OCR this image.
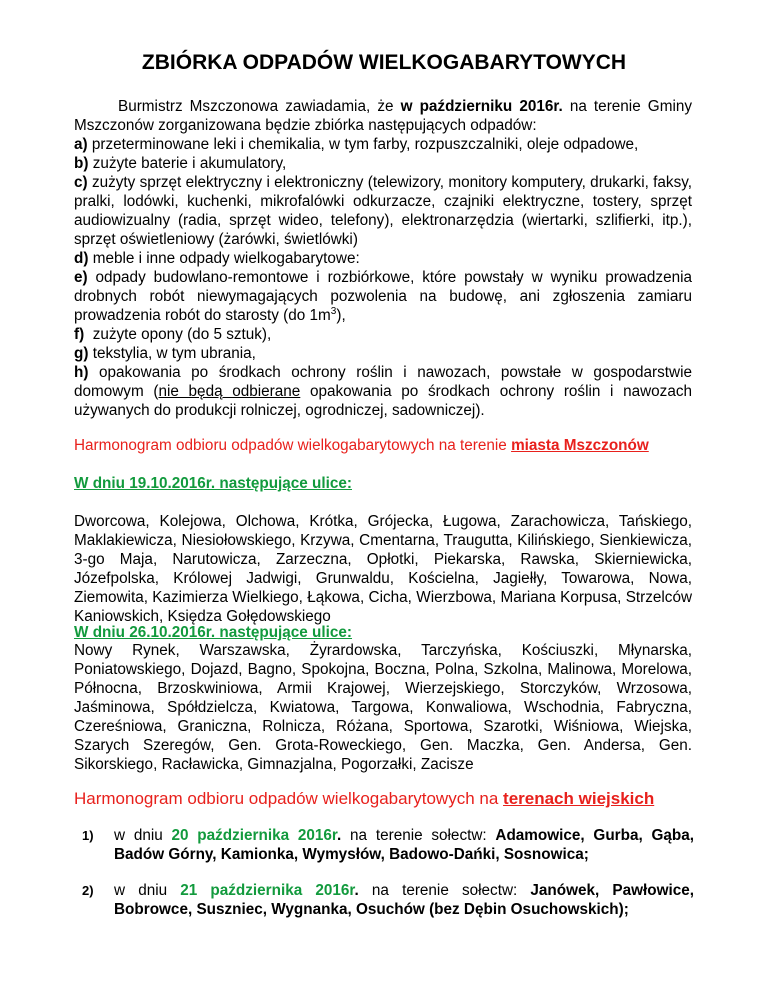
ZBIÓRKA ODPADÓW WIELKOGABARYTOWYCH
Burmistrz Mszczonowa zawiadamia, że w październiku 2016r. na terenie Gminy Mszczonów zorganizowana będzie zbiórka następujących odpadów:
a) przeterminowane leki i chemikalia, w tym farby, rozpuszczalniki, oleje odpadowe,
b) zużyte baterie i akumulatory,
c) zużyty sprzęt elektryczny i elektroniczny (telewizory, monitory komputery, drukarki, faksy, pralki, lodówki, kuchenki, mikrofalówki odkurzacze, czajniki elektryczne, tostery, sprzęt audiowizualny (radia, sprzęt wideo, telefony), elektronarzędzia (wiertarki, szlifierki, itp.), sprzęt oświetleniowy (żarówki, świetlówki)
d) meble i inne odpady wielkogabarytowe:
e) odpady budowlano-remontowe i rozbiórkowe, które powstały w wyniku prowadzenia drobnych robót niewymagających pozwolenia na budowę, ani zgłoszenia zamiaru prowadzenia robót do starosty (do $1m^3$),
f)  zużyte opony (do 5 sztuk),
g) tekstylia, w tym ubrania,
h) opakowania po środkach ochrony roślin i nawozach, powstałe w gospodarstwie domowym (nie będą odbierane opakowania po środkach ochrony roślin i nawozach używanych do produkcji rolniczej, ogrodniczej, sadowniczej).
Harmonogram odbioru odpadów wielkogabarytowych na terenie miasta Mszczonów
W dniu 19.10.2016r. następujące ulice:
Dworcowa, Kolejowa, Olchowa, Krótka, Grójecka, Ługowa, Zarachowicza, Tańskiego, Maklakiewicza, Niesiołowskiego, Krzywa, Cmentarna, Traugutta, Kilińskiego, Sienkiewicza, 3-go Maja, Narutowicza, Zarzeczna, Opłotki, Piekarska, Rawska, Skierniewicka, Józefpolska, Królowej Jadwigi, Grunwaldu, Kościelna, Jagiełły, Towarowa, Nowa, Ziemowita, Kazimierza Wielkiego, Łąkowa, Cicha, Wierzbowa, Mariana Korpusa, Strzelców Kaniowskich, Księdza Gołędowskiego
W dniu 26.10.2016r. następujące ulice:
Nowy Rynek, Warszawska, Żyrardowska, Tarczyńska, Kościuszki, Młynarska, Poniatowskiego, Dojazd, Bagno, Spokojna, Boczna, Polna, Szkolna, Malinowa, Morelowa, Północna, Brzoskwiniowa, Armii Krajowej, Wierzejskiego, Storczyków, Wrzosowa, Jaśminowa, Spółdzielcza, Kwiatowa, Targowa, Konwaliowa, Wschodnia, Fabryczna, Czereśniowa, Graniczna, Rolnicza, Różana, Sportowa, Szarotki, Wiśniowa, Wiejska, Szarych Szeregów, Gen. Grota-Roweckiego, Gen. Maczka, Gen. Andersa, Gen. Sikorskiego, Racławicka, Gimnazjalna, Pogorzałki, Zacisze
Harmonogram odbioru odpadów wielkogabarytowych na terenach wiejskich
1) w dniu 20 października 2016r. na terenie sołectw: Adamowice, Gurba, Gąba, Badów Górny, Kamionka, Wymysłów, Badowo-Dańki, Sosnowica;
2) w dniu 21 października 2016r. na terenie sołectw: Janówek, Pawłowice, Bobrowce, Suszniec, Wygnanka, Osuchów (bez Dębin Osuchowskich);
